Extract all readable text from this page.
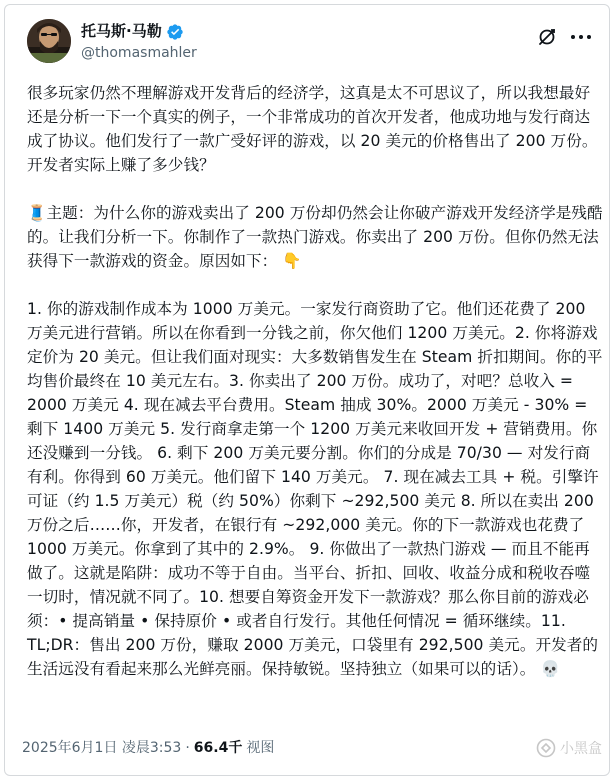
托马斯·马勒
@thomasmahler

很多玩家仍然不理解游戏开发背后的经济学，这真是太不可思议了，所以我想最好还是分析一下一个真实的例子，一个非常成功的首次开发者，他成功地与发行商达成了协议。他们发行了一款广受好评的游戏，以 20 美元的价格售出了 200 万份。开发者实际上赚了多少钱？

🧵主题：为什么你的游戏卖出了 200 万份却仍然会让你破产游戏开发经济学是残酷的。让我们分析一下。你制作了一款热门游戏。你卖出了 200 万份。但你仍然无法获得下一款游戏的资金。原因如下： 👇

1. 你的游戏制作成本为 1000 万美元。一家发行商资助了它。他们还花费了 200 万美元进行营销。所以在你看到一分钱之前，你欠他们 1200 万美元。2. 你将游戏定价为 20 美元。但让我们面对现实：大多数销售发生在 Steam 折扣期间。你的平均售价最终在 10 美元左右。3. 你卖出了 200 万份。成功了，对吧？总收入 = 2000 万美元 4. 现在减去平台费用。Steam 抽成 30%。2000 万美元 - 30% = 剩下 1400 万美元 5. 发行商拿走第一个 1200 万美元来收回开发 + 营销费用。你还没赚到一分钱。 6. 剩下 200 万美元要分割。你们的分成是 70/30 — 对发行商有利。你得到 60 万美元。他们留下 140 万美元。 7. 现在减去工具 + 税。引擎许可证（约 1.5 万美元）税（约 50%）你剩下 ~292,500 美元 8. 所以在卖出 200 万份之后……你，开发者，在银行有 ~292,000 美元。你的下一款游戏也花费了 1000 万美元。你拿到了其中的 2.9%。 9. 你做出了一款热门游戏 — 而且不能再做了。这就是陷阱：成功不等于自由。当平台、折扣、回收、收益分成和税收吞噬一切时，情况就不同了。10. 想要自筹资金开发下一款游戏？那么你目前的游戏必须：• 提高销量 • 保持原价 • 或者自行发行。其他任何情况 = 循环继续。11. TL;DR：售出 200 万份，赚取 2000 万美元，口袋里有 292,500 美元。开发者的生活远没有看起来那么光鲜亮丽。保持敏锐。坚持独立（如果可以的话）。 💀

2025年6月1日 凌晨3:53 · 66.4千 视图	小黑盒
